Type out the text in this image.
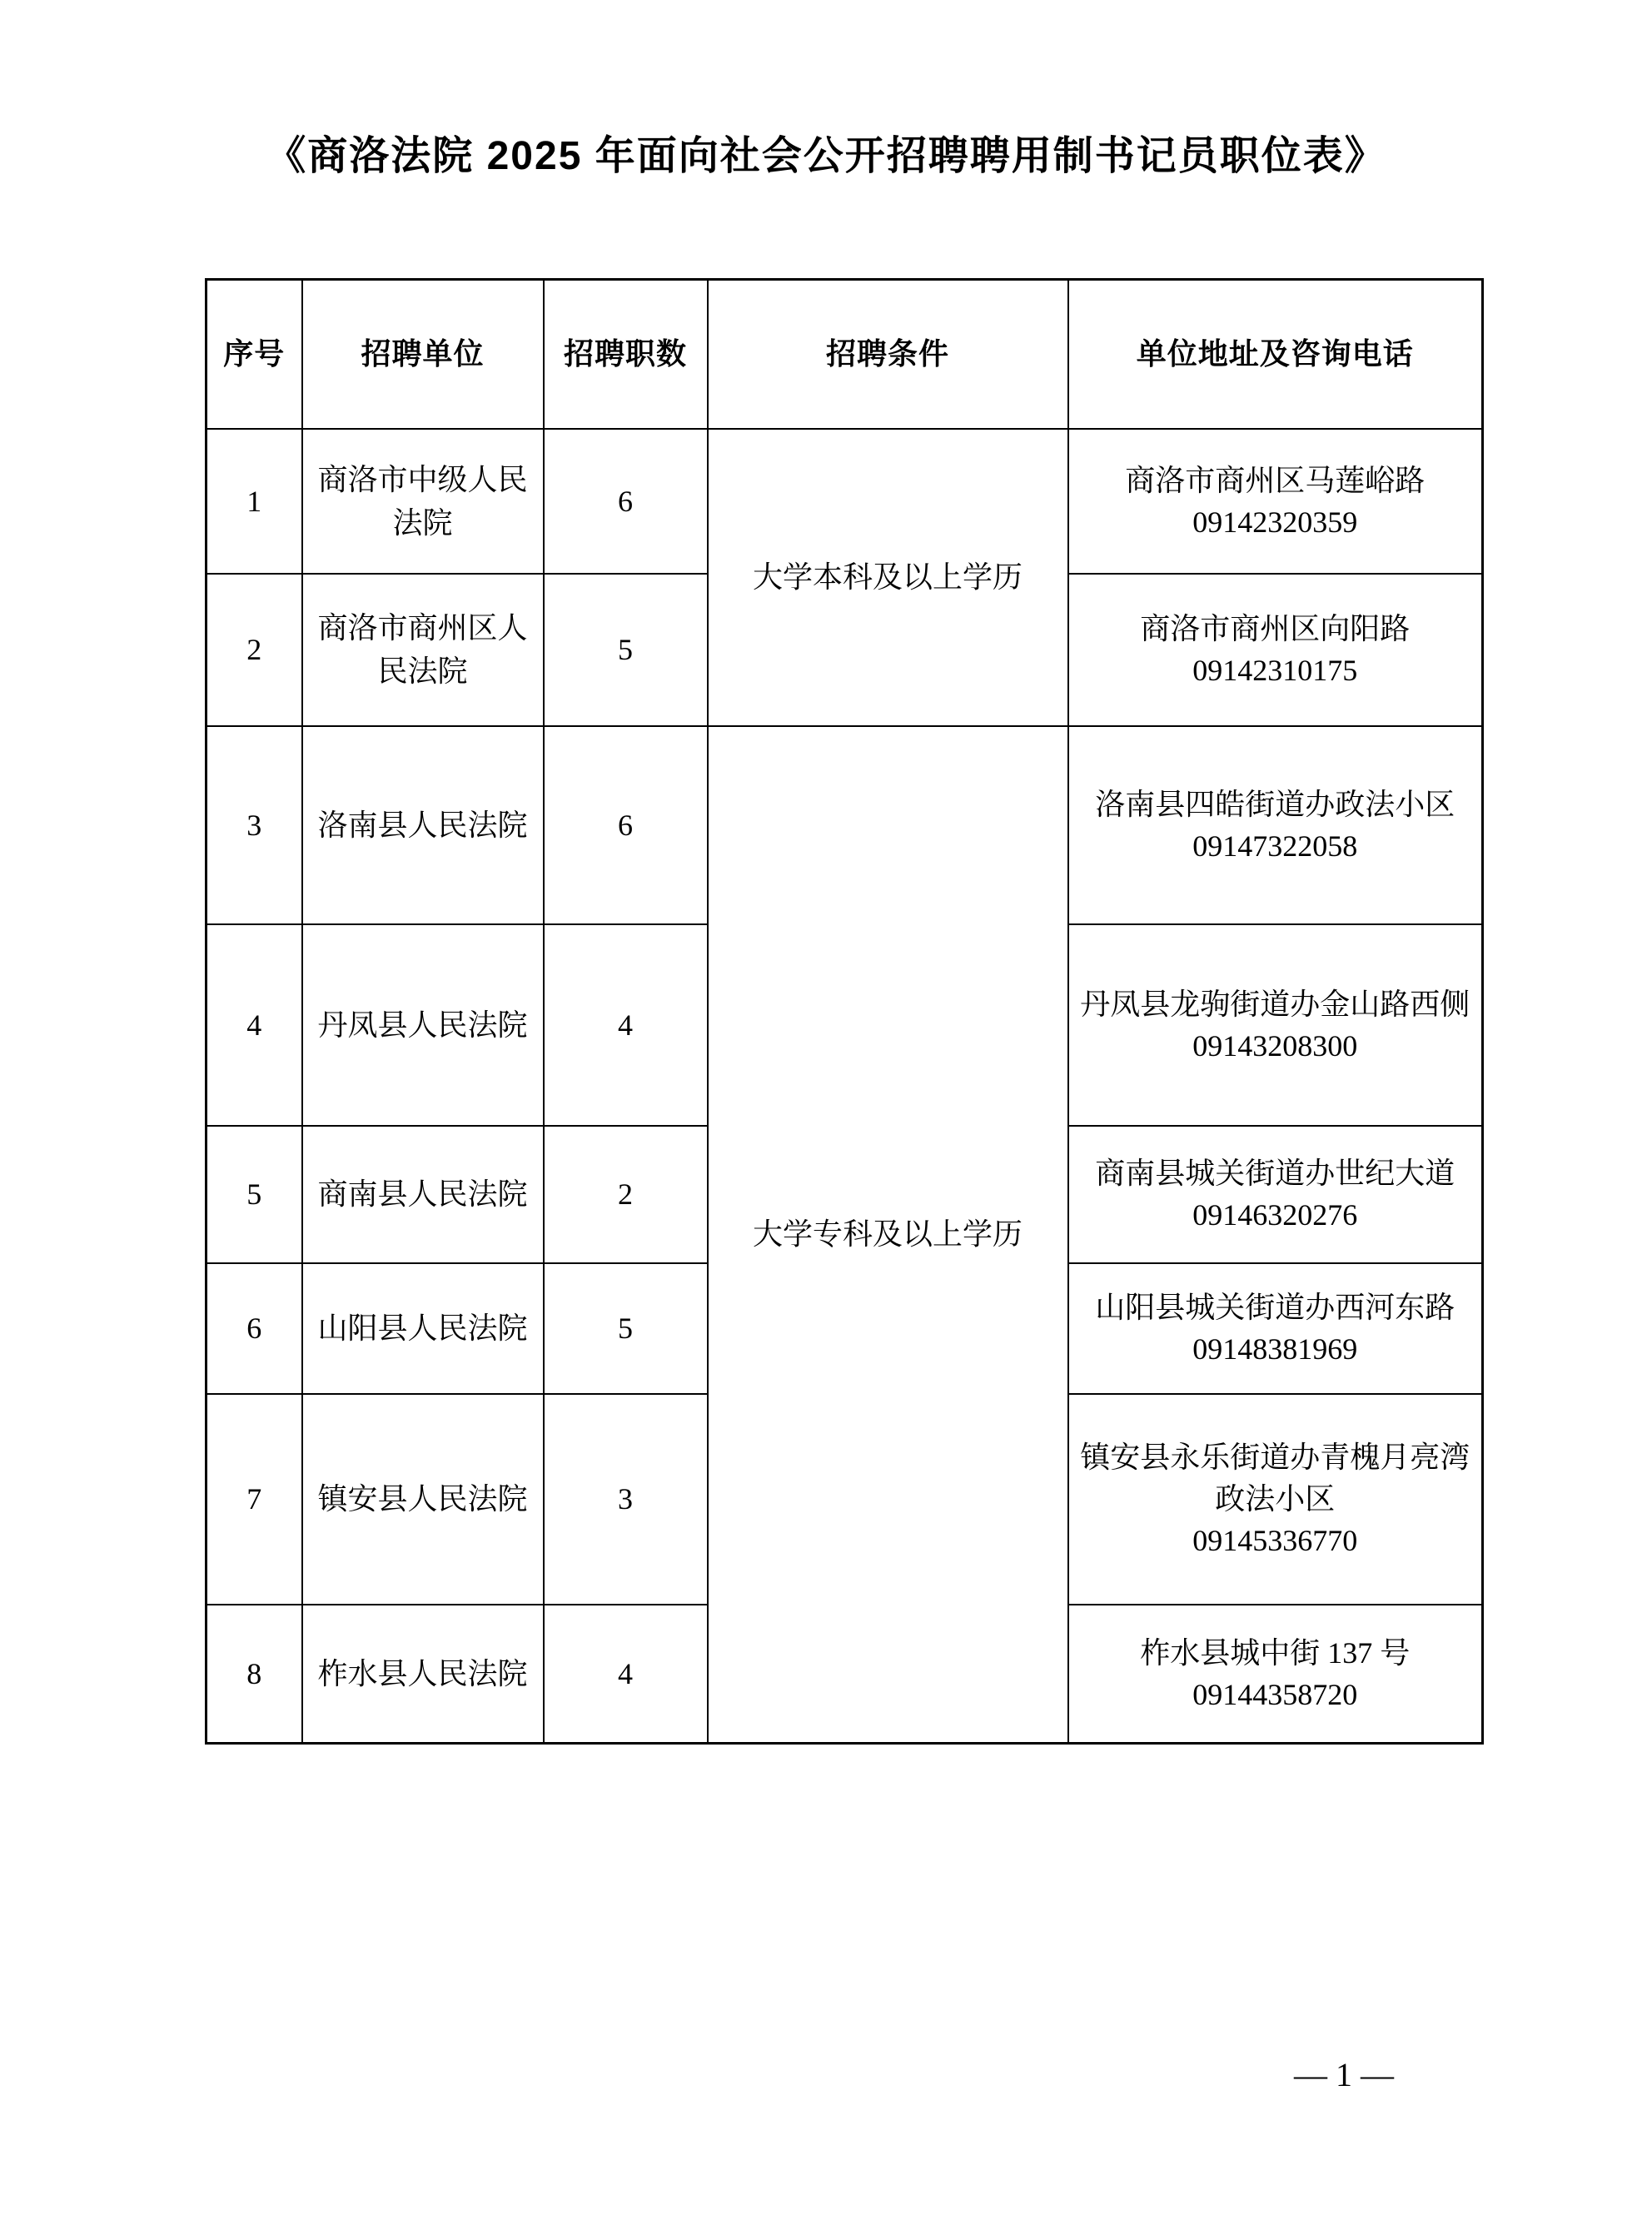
《商洛法院 2025 年面向社会公开招聘聘用制书记员职位表》
序号	招聘单位	招聘职数	招聘条件	单位地址及咨询电话
1	商洛市中级人民法院	6	大学本科及以上学历	商洛市商州区马莲峪路
09142320359

2	商洛市商州区人民法院	5		商洛市商州区向阳路
09142310175

3	洛南县人民法院	6	大学专科及以上学历	洛南县四皓街道办政法小区
09147322058

4	丹凤县人民法院	4		丹凤县龙驹街道办金山路西侧
09143208300

5	商南县人民法院	2		商南县城关街道办世纪大道
09146320276

6	山阳县人民法院	5		山阳县城关街道办西河东路
09148381969

7	镇安县人民法院	3		镇安县永乐街道办青槐月亮湾
政法小区
09145336770

8	柞水县人民法院	4		柞水县城中街 137 号
09144358720
— 1 —
